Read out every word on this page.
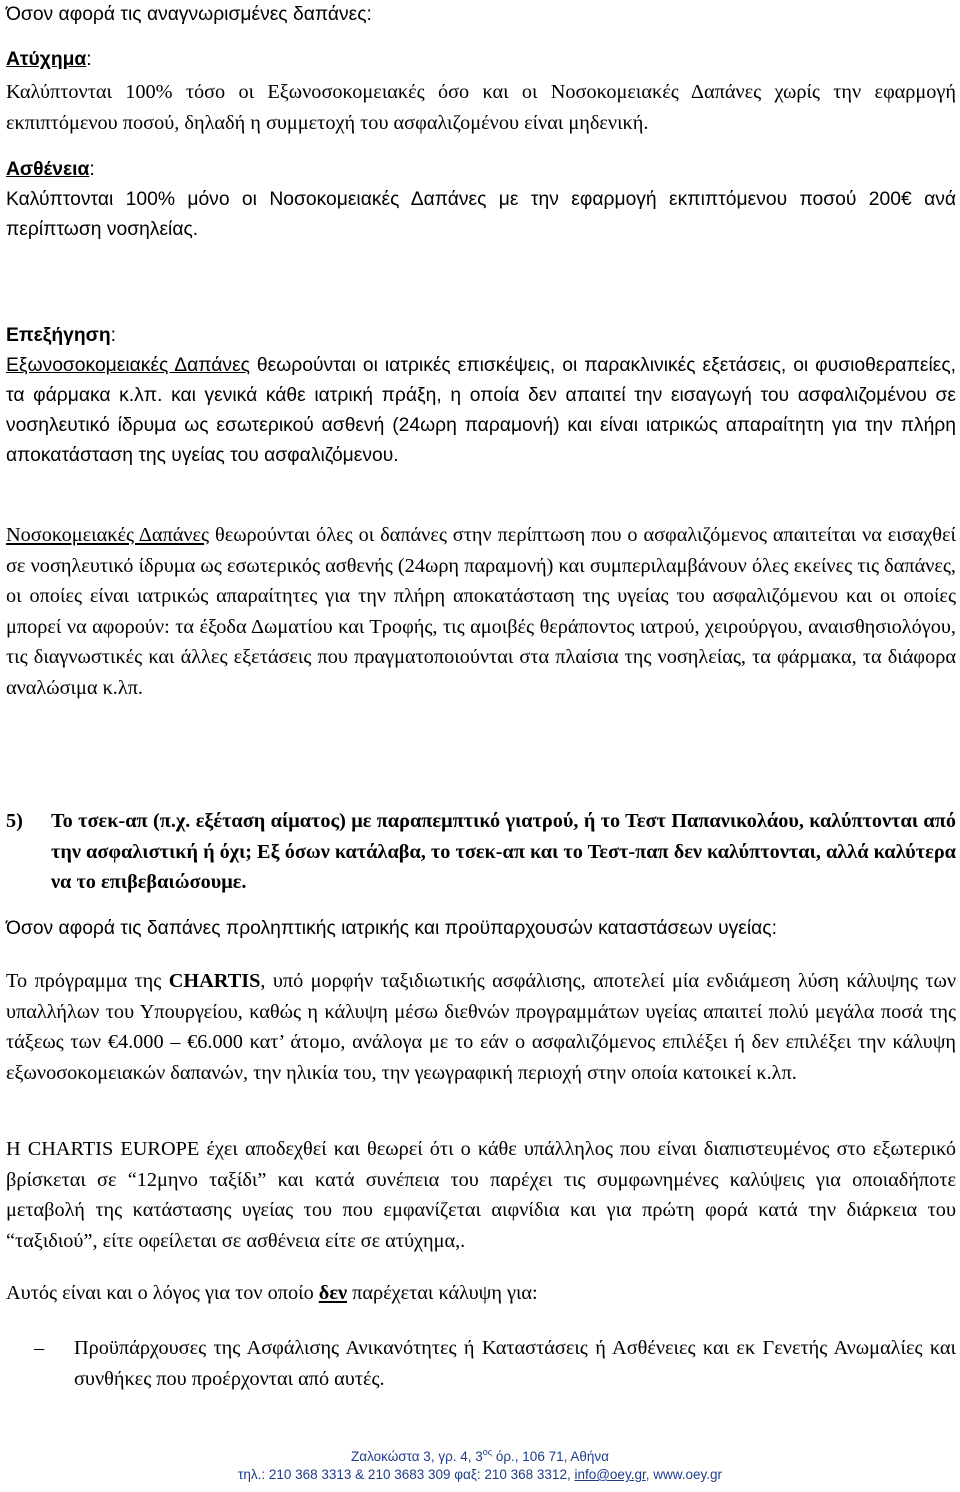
Όσον αφορά τις αναγνωρισμένες δαπάνες:

Ατύχημα:

Καλύπτονται 100% τόσο οι Εξωνοσοκομειακές όσο και οι Νοσοκομειακές Δαπάνες χωρίς την εφαρμογή εκπιπτόμενου ποσού, δηλαδή η συμμετοχή του ασφαλιζομένου είναι μηδενική.

Ασθένεια:

Καλύπτονται 100% μόνο οι Νοσοκομειακές Δαπάνες με την εφαρμογή εκπιπτόμενου ποσού 200€ ανά περίπτωση νοσηλείας.

Επεξήγηση:

Εξωνοσοκομειακές Δαπάνες θεωρούνται οι ιατρικές επισκέψεις, οι παρακλινικές εξετάσεις, οι φυσιοθεραπείες, τα φάρμακα κ.λπ. και γενικά κάθε ιατρική πράξη, η οποία δεν απαιτεί την εισαγωγή του ασφαλιζομένου σε νοσηλευτικό ίδρυμα ως εσωτερικού ασθενή (24ωρη παραμονή) και είναι ιατρικώς απαραίτητη για την πλήρη αποκατάσταση της υγείας του ασφαλιζόμενου.

Νοσοκομειακές Δαπάνες θεωρούνται όλες οι δαπάνες στην περίπτωση που ο ασφαλιζόμενος απαιτείται να εισαχθεί σε νοσηλευτικό ίδρυμα ως εσωτερικός ασθενής (24ωρη παραμονή) και συμπεριλαμβάνουν όλες εκείνες τις δαπάνες, οι οποίες είναι ιατρικώς απαραίτητες για την πλήρη αποκατάσταση της υγείας του ασφαλιζόμενου και οι οποίες μπορεί να αφορούν: τα έξοδα Δωματίου και Τροφής, τις αμοιβές θεράποντος ιατρού, χειρούργου, αναισθησιολόγου, τις διαγνωστικές και άλλες εξετάσεις που πραγματοποιούνται στα πλαίσια της νοσηλείας, τα φάρμακα, τα διάφορα αναλώσιμα κ.λπ.

5) Το τσεκ-απ (π.χ. εξέταση αίματος) με παραπεμπτικό γιατρού, ή το Τεστ Παπανικολάου, καλύπτονται από την ασφαλιστική ή όχι; Εξ όσων κατάλαβα, το τσεκ-απ και το Τεστ-παπ δεν καλύπτονται, αλλά καλύτερα να το επιβεβαιώσουμε.

Όσον αφορά τις δαπάνες προληπτικής ιατρικής και προϋπαρχουσών καταστάσεων υγείας:

Το πρόγραμμα της CHARTIS, υπό μορφήν ταξιδιωτικής ασφάλισης, αποτελεί μία ενδιάμεση λύση κάλυψης των υπαλλήλων του Υπουργείου, καθώς η κάλυψη μέσω διεθνών προγραμμάτων υγείας απαιτεί πολύ μεγάλα ποσά της τάξεως των €4.000 – €6.000 κατ’ άτομο, ανάλογα με το εάν ο ασφαλιζόμενος επιλέξει ή δεν επιλέξει την κάλυψη εξωνοσοκομειακών δαπανών, την ηλικία του, την γεωγραφική περιοχή στην οποία κατοικεί κ.λπ.

Η CHARTIS EUROPE έχει αποδεχθεί και θεωρεί ότι ο κάθε υπάλληλος που είναι διαπιστευμένος στο εξωτερικό βρίσκεται σε “12μηνο ταξίδι” και κατά συνέπεια του παρέχει τις συμφωνημένες καλύψεις για οποιαδήποτε μεταβολή της κατάστασης υγείας του που εμφανίζεται αιφνίδια και για πρώτη φορά κατά την διάρκεια του “ταξιδιού”, είτε οφείλεται σε ασθένεια είτε σε ατύχημα,.

Αυτός είναι και ο λόγος για τον οποίο δεν παρέχεται κάλυψη για:

– Προϋπάρχουσες της Ασφάλισης Ανικανότητες ή Καταστάσεις ή Ασθένειες και εκ Γενετής Ανωμαλίες και συνθήκες που προέρχονται από αυτές.

Ζαλοκώστα 3, γρ. 4, $3^{o\varsigma}$ όρ., 106 71, Αθήνα
τηλ.: 210 368 3313 & 210 3683 309 φαξ: 210 368 3312, info@oey.gr, www.oey.gr
